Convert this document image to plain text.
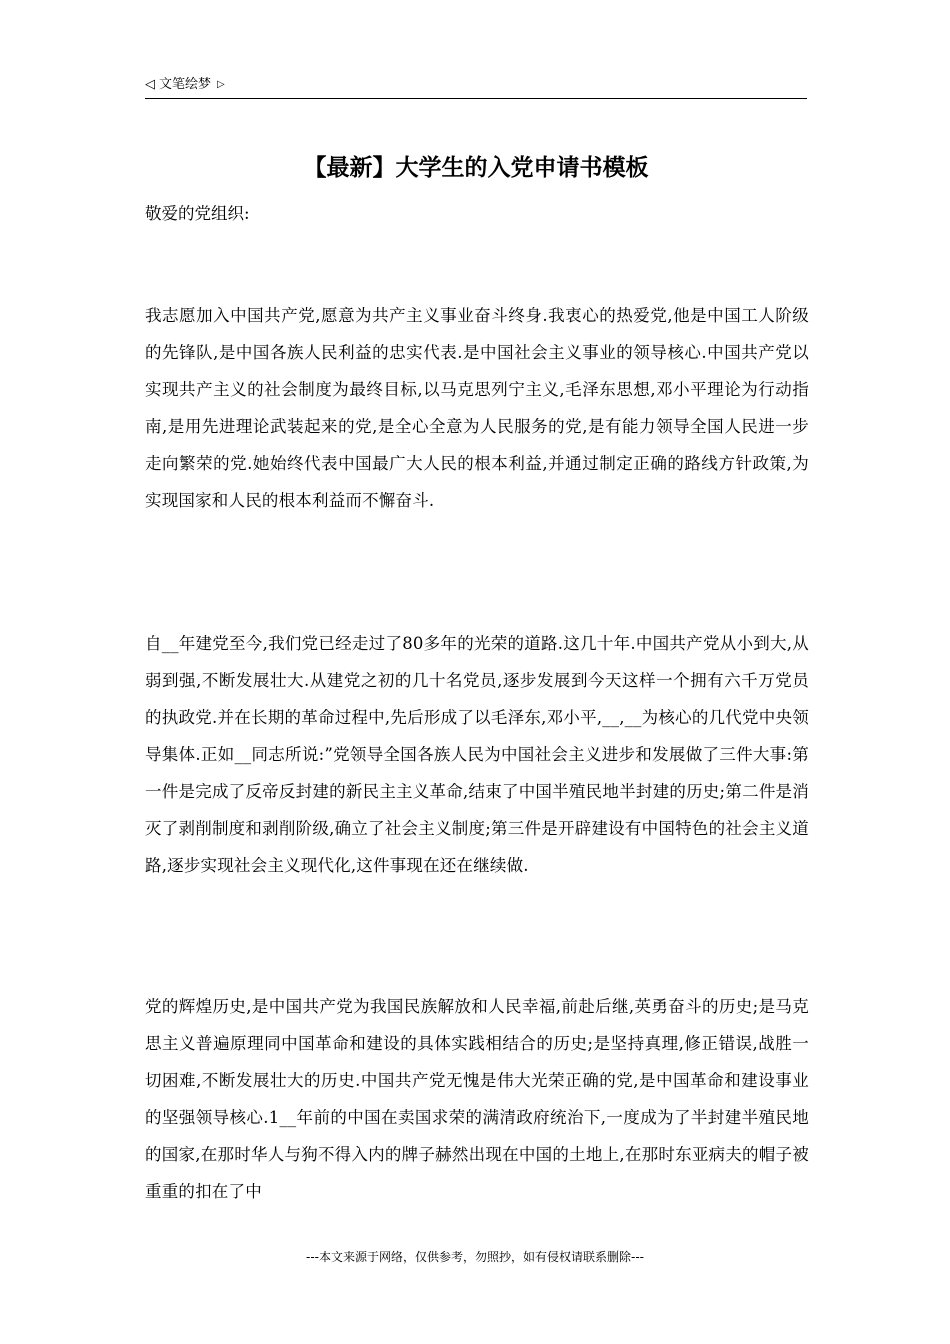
◁ 文笔绘梦 ▷
【最新】大学生的入党申请书模板

敬爱的党组织:

我志愿加入中国共产党,愿意为共产主义事业奋斗终身.我衷心的热爱党,他是中国工人阶级的先锋队,是中国各族人民利益的忠实代表.是中国社会主义事业的领导核心.中国共产党以实现共产主义的社会制度为最终目标,以马克思列宁主义,毛泽东思想,邓小平理论为行动指南,是用先进理论武装起来的党,是全心全意为人民服务的党,是有能力领导全国人民进一步走向繁荣的党.她始终代表中国最广大人民的根本利益,并通过制定正确的路线方针政策,为实现国家和人民的根本利益而不懈奋斗.

自__年建党至今,我们党已经走过了80多年的光荣的道路.这几十年.中国共产党从小到大,从弱到强,不断发展壮大.从建党之初的几十名党员,逐步发展到今天这样一个拥有六千万党员的执政党.并在长期的革命过程中,先后形成了以毛泽东,邓小平,__,__为核心的几代党中央领导集体.正如__同志所说:”党领导全国各族人民为中国社会主义进步和发展做了三件大事:第一件是完成了反帝反封建的新民主主义革命,结束了中国半殖民地半封建的历史;第二件是消灭了剥削制度和剥削阶级,确立了社会主义制度;第三件是开辟建设有中国特色的社会主义道路,逐步实现社会主义现代化,这件事现在还在继续做.

党的辉煌历史,是中国共产党为我国民族解放和人民幸福,前赴后继,英勇奋斗的历史;是马克思主义普遍原理同中国革命和建设的具体实践相结合的历史;是坚持真理,修正错误,战胜一切困难,不断发展壮大的历史.中国共产党无愧是伟大光荣正确的党,是中国革命和建设事业的坚强领导核心.1__年前的中国在卖国求荣的满清政府统治下,一度成为了半封建半殖民地的国家,在那时华人与狗不得入内的牌子赫然出现在中国的土地上,在那时东亚病夫的帽子被重重的扣在了中

---本文来源于网络，仅供参考，勿照抄，如有侵权请联系删除---
